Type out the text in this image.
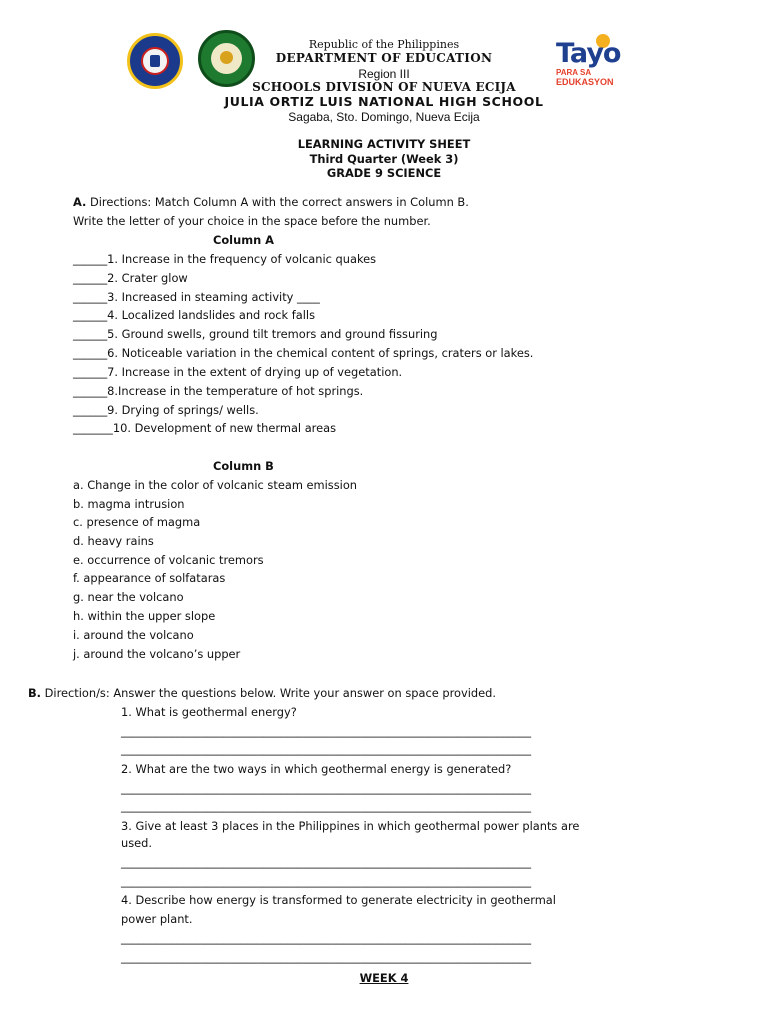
Tayo
PARA SA
EDUKASYON
Republic of the Philippines
DEPARTMENT OF EDUCATION
Region III
SCHOOLS DIVISION OF NUEVA ECIJA
JULIA ORTIZ LUIS NATIONAL HIGH SCHOOL
Sagaba, Sto. Domingo, Nueva Ecija
LEARNING ACTIVITY SHEET
Third Quarter (Week 3)
GRADE 9 SCIENCE
A. Directions: Match Column A with the correct answers in Column B.
Write the letter of your choice in the space before the number.
Column A
______1. Increase in the frequency of volcanic quakes
______2. Crater glow
______3. Increased in steaming activity ____
______4. Localized landslides and rock falls
______5. Ground swells, ground tilt tremors and ground fissuring
______6. Noticeable variation in the chemical content of springs, craters or lakes.
______7. Increase in the extent of drying up of vegetation.
______8.Increase in the temperature of hot springs.
______9. Drying of springs/ wells.
_______10. Development of new thermal areas
Column B
a. Change in the color of volcanic steam emission
b. magma intrusion
c. presence of magma
d. heavy rains
e. occurrence of volcanic tremors
f. appearance of solfataras
g. near the volcano
h. within the upper slope
i. around the volcano
j. around the volcano’s upper
B. Direction/s: Answer the questions below. Write your answer on space provided.
1. What is geothermal energy?
________________________________________________________________________
________________________________________________________________________
2. What are the two ways in which geothermal energy is generated?
________________________________________________________________________
________________________________________________________________________
3. Give at least 3 places in the Philippines in which geothermal power plants are
used.
________________________________________________________________________
________________________________________________________________________
4. Describe how energy is transformed to generate electricity in geothermal
power plant.
________________________________________________________________________
________________________________________________________________________
WEEK 4
